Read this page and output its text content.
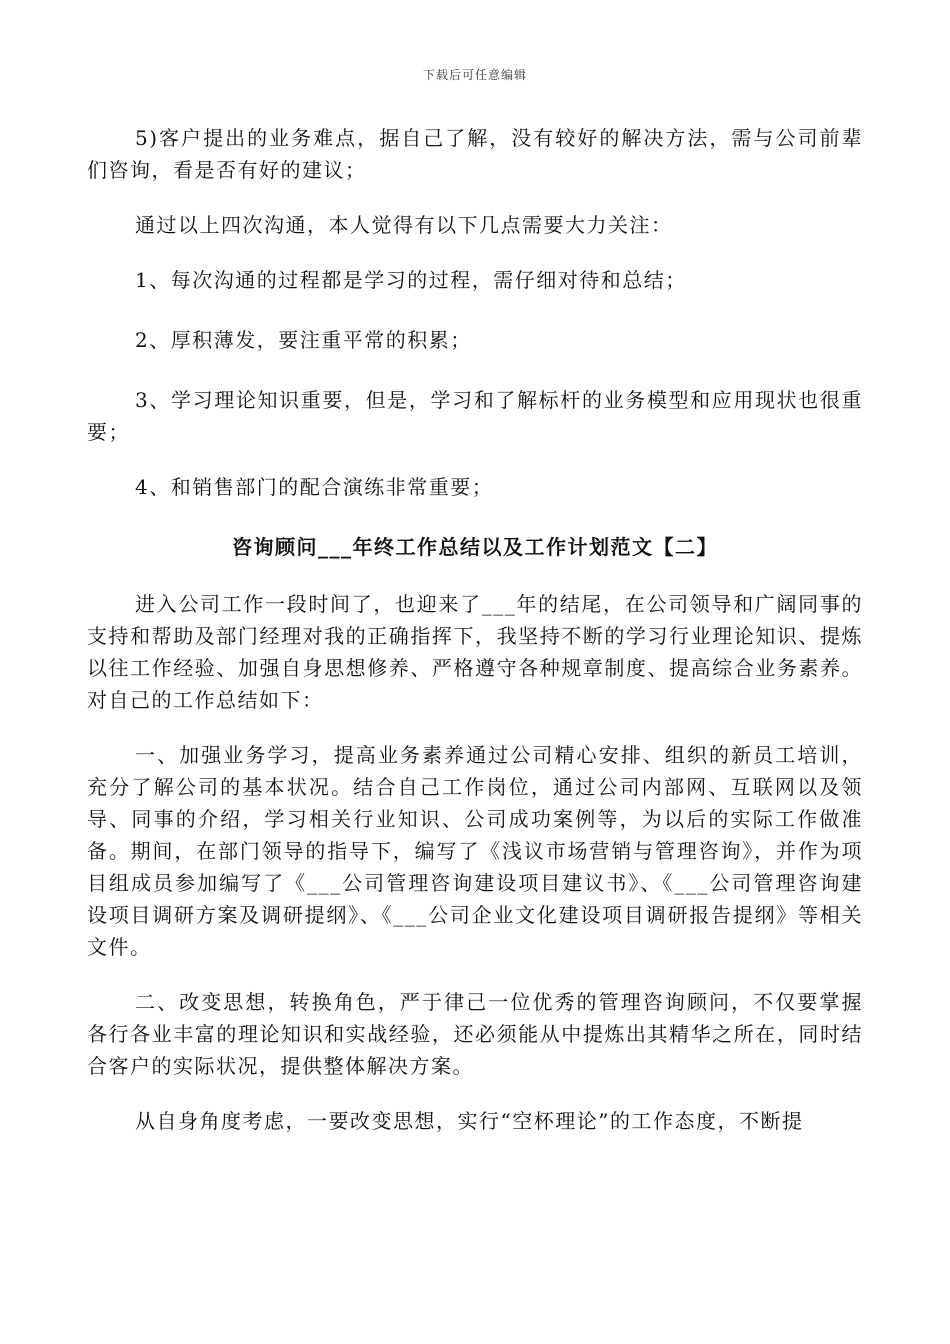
下载后可任意编辑

5)客户提出的业务难点，据自己了解，没有较好的解决方法，需与公司前辈们咨询，看是否有好的建议；

通过以上四次沟通，本人觉得有以下几点需要大力关注：

1、每次沟通的过程都是学习的过程，需仔细对待和总结；

2、厚积薄发，要注重平常的积累；

3、学习理论知识重要，但是，学习和了解标杆的业务模型和应用现状也很重要；

4、和销售部门的配合演练非常重要；

咨询顾问___年终工作总结以及工作计划范文【二】

进入公司工作一段时间了，也迎来了___年的结尾，在公司领导和广阔同事的支持和帮助及部门经理对我的正确指挥下，我坚持不断的学习行业理论知识、提炼以往工作经验、加强自身思想修养、严格遵守各种规章制度、提高综合业务素养。对自己的工作总结如下：

一、加强业务学习，提高业务素养通过公司精心安排、组织的新员工培训，充分了解公司的基本状况。结合自己工作岗位，通过公司内部网、互联网以及领导、同事的介绍，学习相关行业知识、公司成功案例等，为以后的实际工作做准备。期间，在部门领导的指导下，编写了《浅议市场营销与管理咨询》，并作为项目组成员参加编写了《___公司管理咨询建设项目建议书》、《___公司管理咨询建设项目调研方案及调研提纲》、《___公司企业文化建设项目调研报告提纲》等相关文件。

二、改变思想，转换角色，严于律己一位优秀的管理咨询顾问，不仅要掌握各行各业丰富的理论知识和实战经验，还必须能从中提炼出其精华之所在，同时结合客户的实际状况，提供整体解决方案。

从自身角度考虑，一要改变思想，实行“空杯理论”的工作态度，不断提
